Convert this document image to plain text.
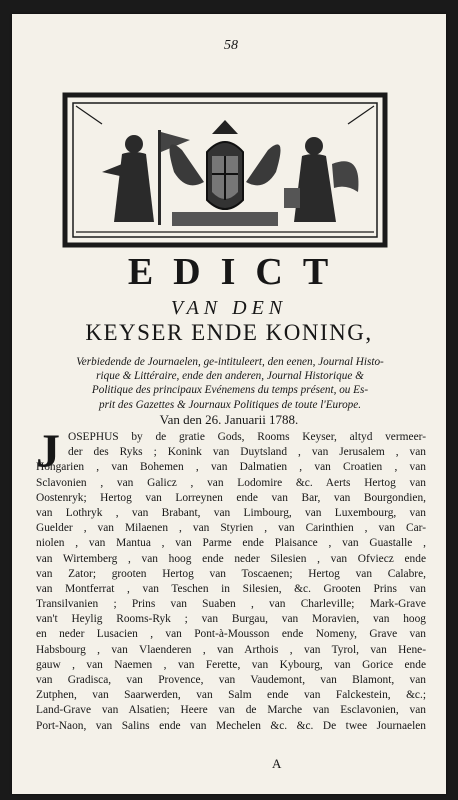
58
EDICT
VAN DEN
KEYSER ENDE KONING,
Verbiedende de Journaelen, ge-intituleert, den eenen, Journal Histo-
rique & Littéraire, ende den anderen, Journal Historique &
Politique des principaux Evénemens du temps présent, ou Es-
prit des Gazettes & Journaux Politiques de toute l'Europe.
Van den 26. Januarii 1788.
J OSEPHUS by de gratie Gods, Rooms Keyser, altyd vermeer-
der des Ryks ; Konink van Duytsland , van Jerusalem , van
Hongarien , van Bohemen , van Dalmatien , van Croatien , van
Sclavonien , van Galicz , van Lodomire &c. Aerts Hertog van
Oostenryk; Hertog van Lorreynen ende van Bar, van Bourgondien,
van Lothryk , van Brabant, van Limbourg, van Luxembourg, van
Guelder , van Milaenen , van Styrien , van Carinthien , van Car-
niolen , van Mantua , van Parme ende Plaisance , van Guastalle ,
van Wirtemberg , van hoog ende neder Silesien , van Ofviecz ende
van Zator; grooten Hertog van Toscaenen; Hertog van Calabre,
van Montferrat , van Teschen in Silesien, &c. Grooten Prins van
Transilvanien ; Prins van Suaben , van Charleville; Mark-Grave
van't Heylig Rooms-Ryk ; van Burgau, van Moravien, van hoog
en neder Lusacien , van Pont-à-Mousson ende Nomeny, Grave van
Habsbourg , van Vlaenderen , van Arthois , van Tyrol, van Hene-
gauw , van Naemen , van Ferette, van Kybourg, van Gorice ende
van Gradisca, van Provence, van Vaudemont, van Blamont, van
Zutphen, van Saarwerden, van Salm ende van Falckestein, &c.;
Land-Grave van Alsatien; Heere van de Marche van Esclavonien, van
Port-Naon, van Salins ende van Mechelen &c. &c. De twee Journaelen
A
